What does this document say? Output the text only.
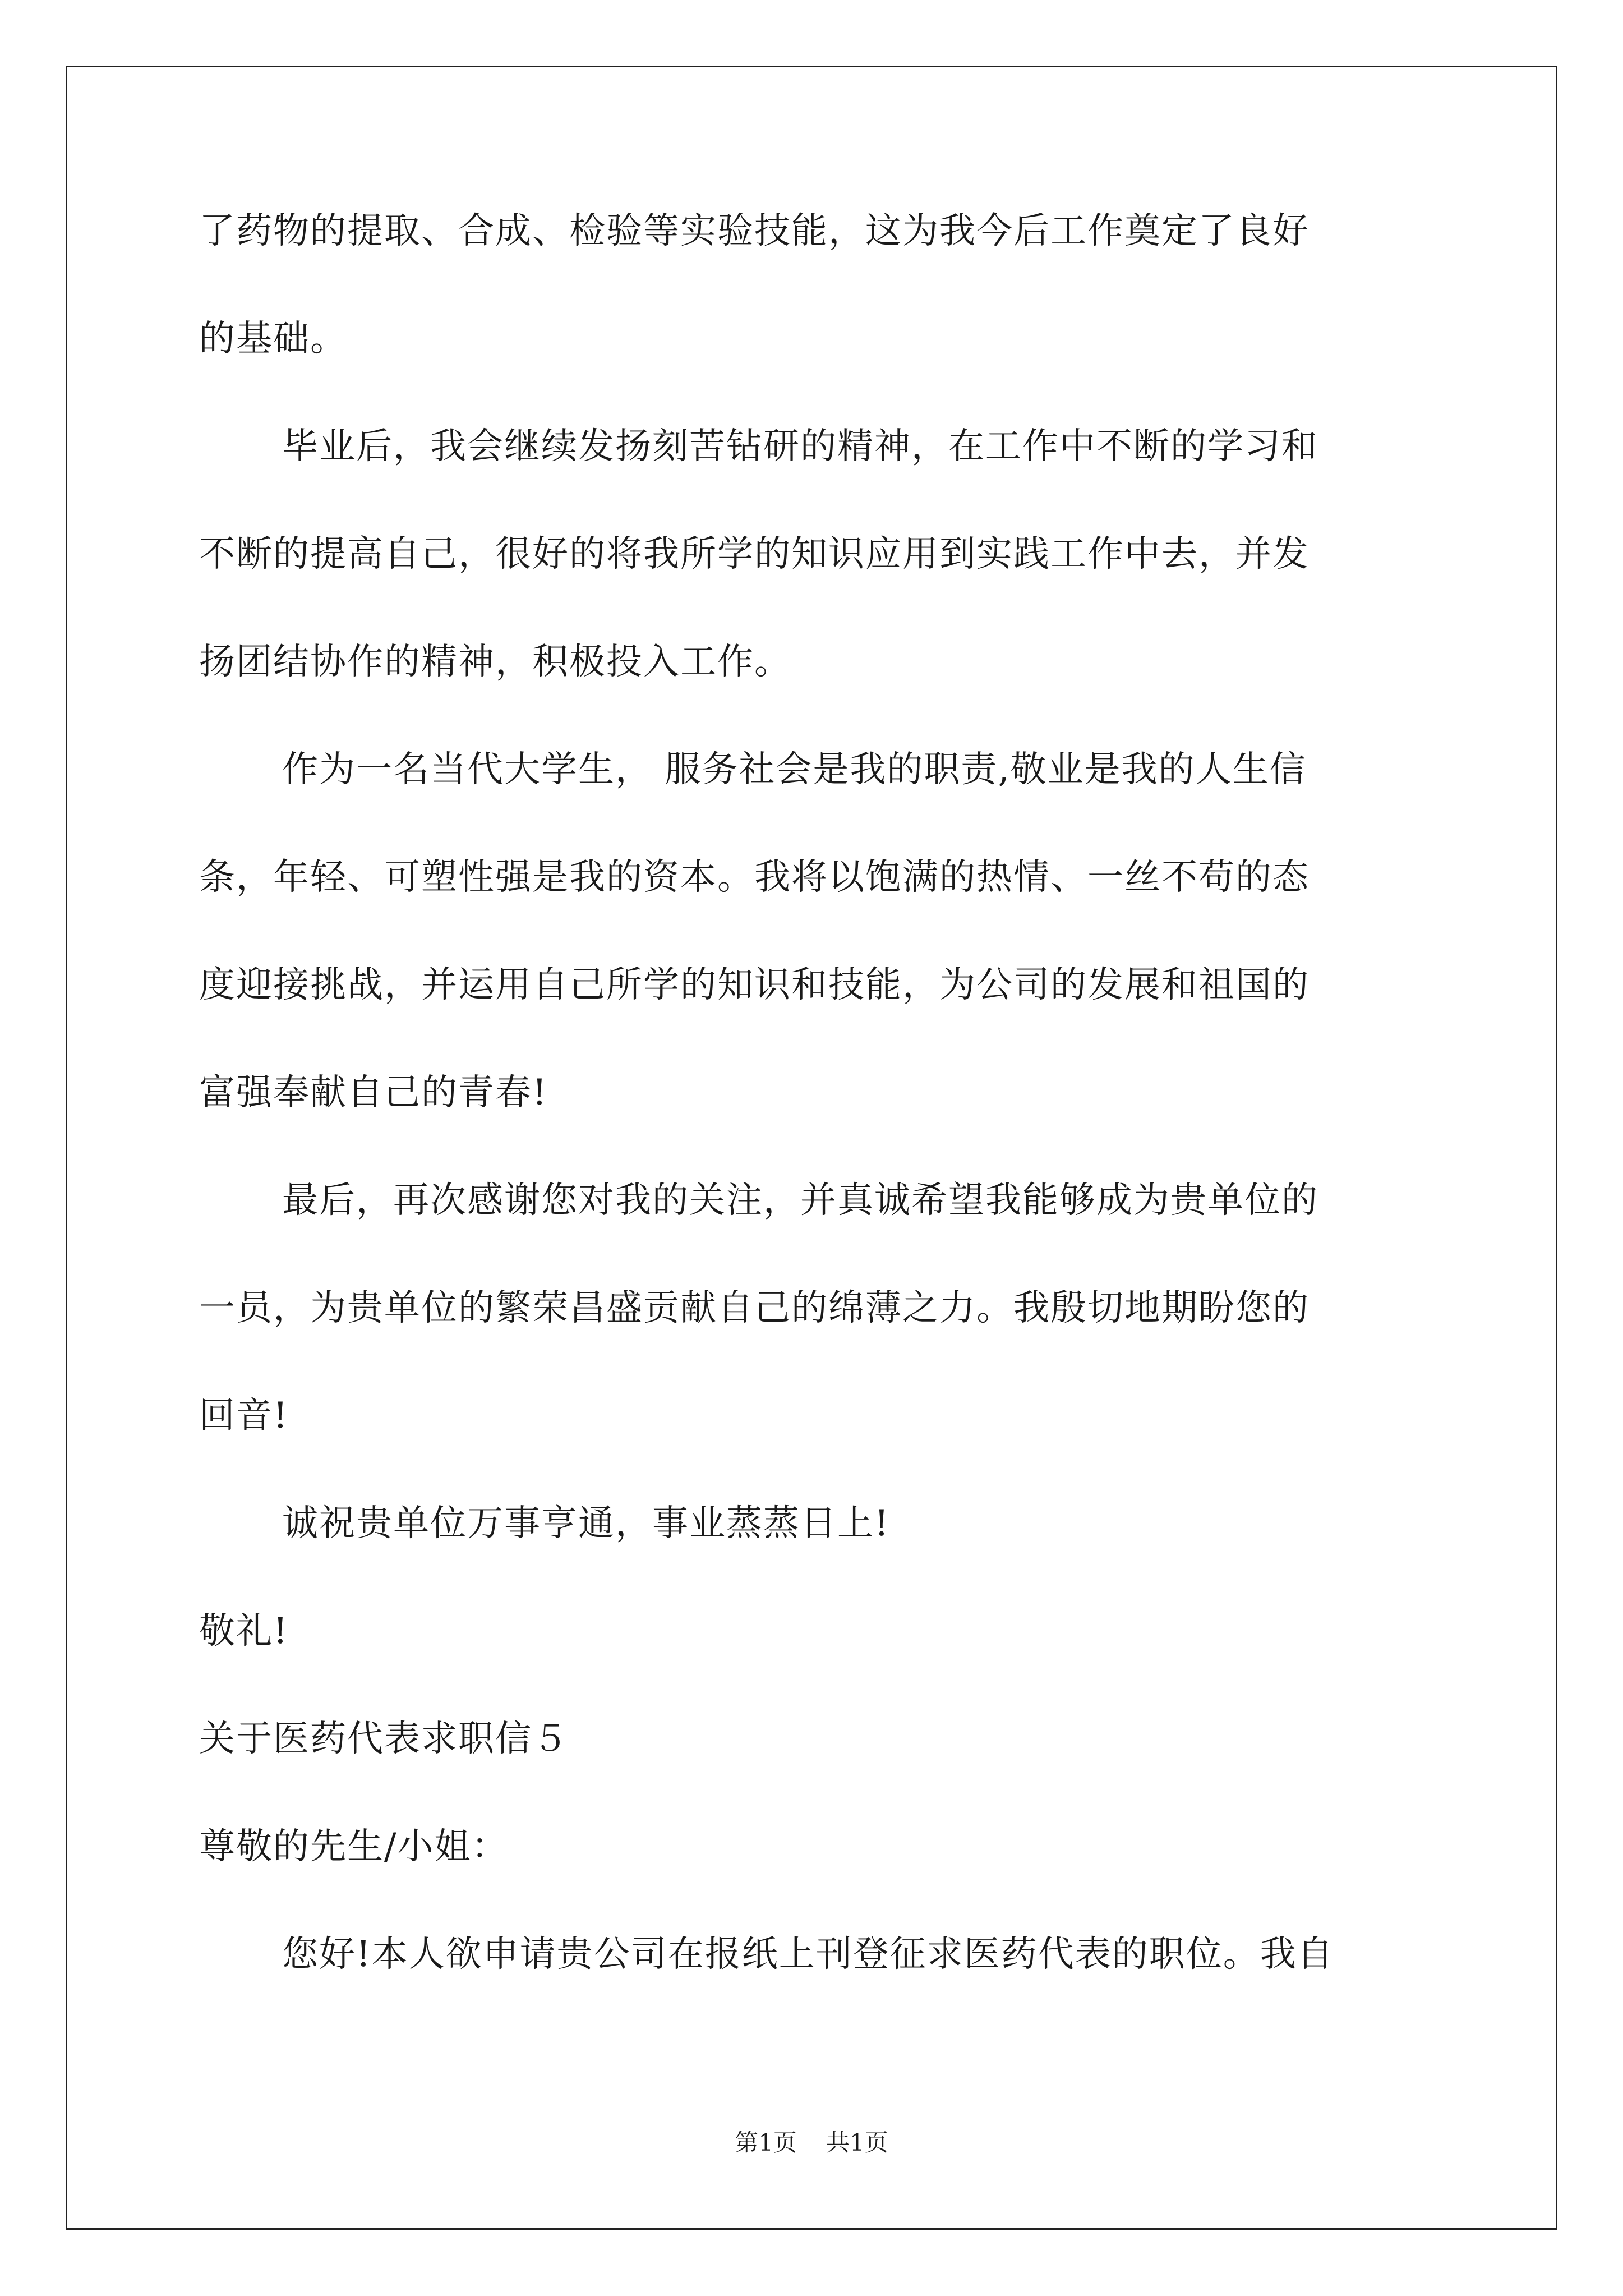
了药物的提取、合成、检验等实验技能，这为我今后工作奠定了良好
的基础。
毕业后，我会继续发扬刻苦钻研的精神，在工作中不断的学习和
不断的提高自己，很好的将我所学的知识应用到实践工作中去，并发
扬团结协作的精神，积极投入工作。
作为一名当代大学生， 服务社会是我的职责,敬业是我的人生信
条，年轻、可塑性强是我的资本。我将以饱满的热情、一丝不苟的态
度迎接挑战，并运用自己所学的知识和技能，为公司的发展和祖国的
富强奉献自己的青春!
最后，再次感谢您对我的关注，并真诚希望我能够成为贵单位的
一员，为贵单位的繁荣昌盛贡献自己的绵薄之力。我殷切地期盼您的
回音!
诚祝贵单位万事亨通，事业蒸蒸日上!
敬礼!
关于医药代表求职信５
尊敬的先生/小姐：
您好!本人欲申请贵公司在报纸上刊登征求医药代表的职位。我自
第1页 共1页
